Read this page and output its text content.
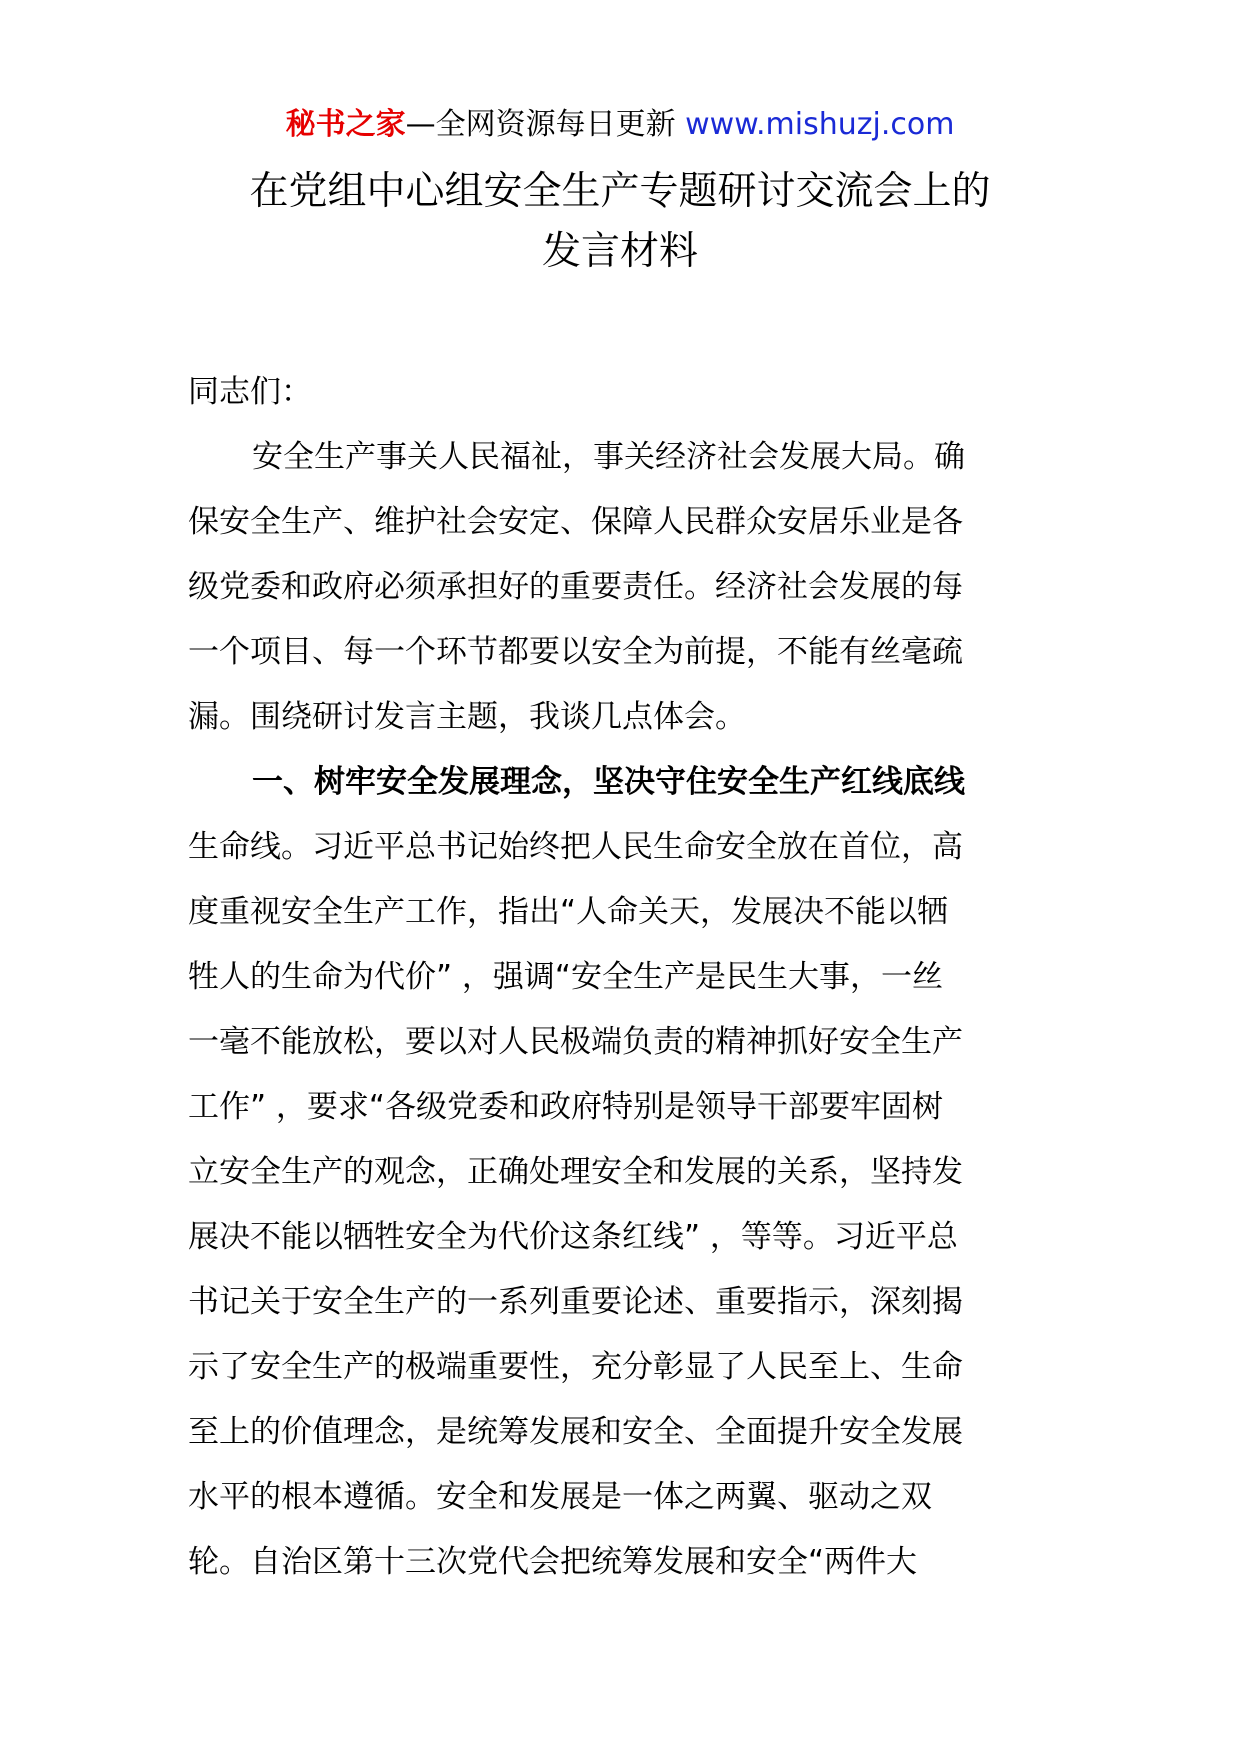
秘书之家—全网资源每日更新 www.mishuzj.com
在党组中心组安全生产专题研讨交流会上的
发言材料
同志们：
安全生产事关人民福祉，事关经济社会发展大局。确
保安全生产、维护社会安定、保障人民群众安居乐业是各
级党委和政府必须承担好的重要责任。经济社会发展的每
一个项目、每一个环节都要以安全为前提，不能有丝毫疏
漏。围绕研讨发言主题，我谈几点体会。
一、树牢安全发展理念，坚决守住安全生产红线底线
生命线。习近平总书记始终把人民生命安全放在首位，高
度重视安全生产工作，指出“人命关天，发展决不能以牺
牲人的生命为代价” ，强调“安全生产是民生大事，一丝
一毫不能放松，要以对人民极端负责的精神抓好安全生产
工作” ，要求“各级党委和政府特别是领导干部要牢固树
立安全生产的观念，正确处理安全和发展的关系，坚持发
展决不能以牺牲安全为代价这条红线” ，等等。习近平总
书记关于安全生产的一系列重要论述、重要指示，深刻揭
示了安全生产的极端重要性，充分彰显了人民至上、生命
至上的价值理念，是统筹发展和安全、全面提升安全发展
水平的根本遵循。安全和发展是一体之两翼、驱动之双
轮。自治区第十三次党代会把统筹发展和安全“两件大
